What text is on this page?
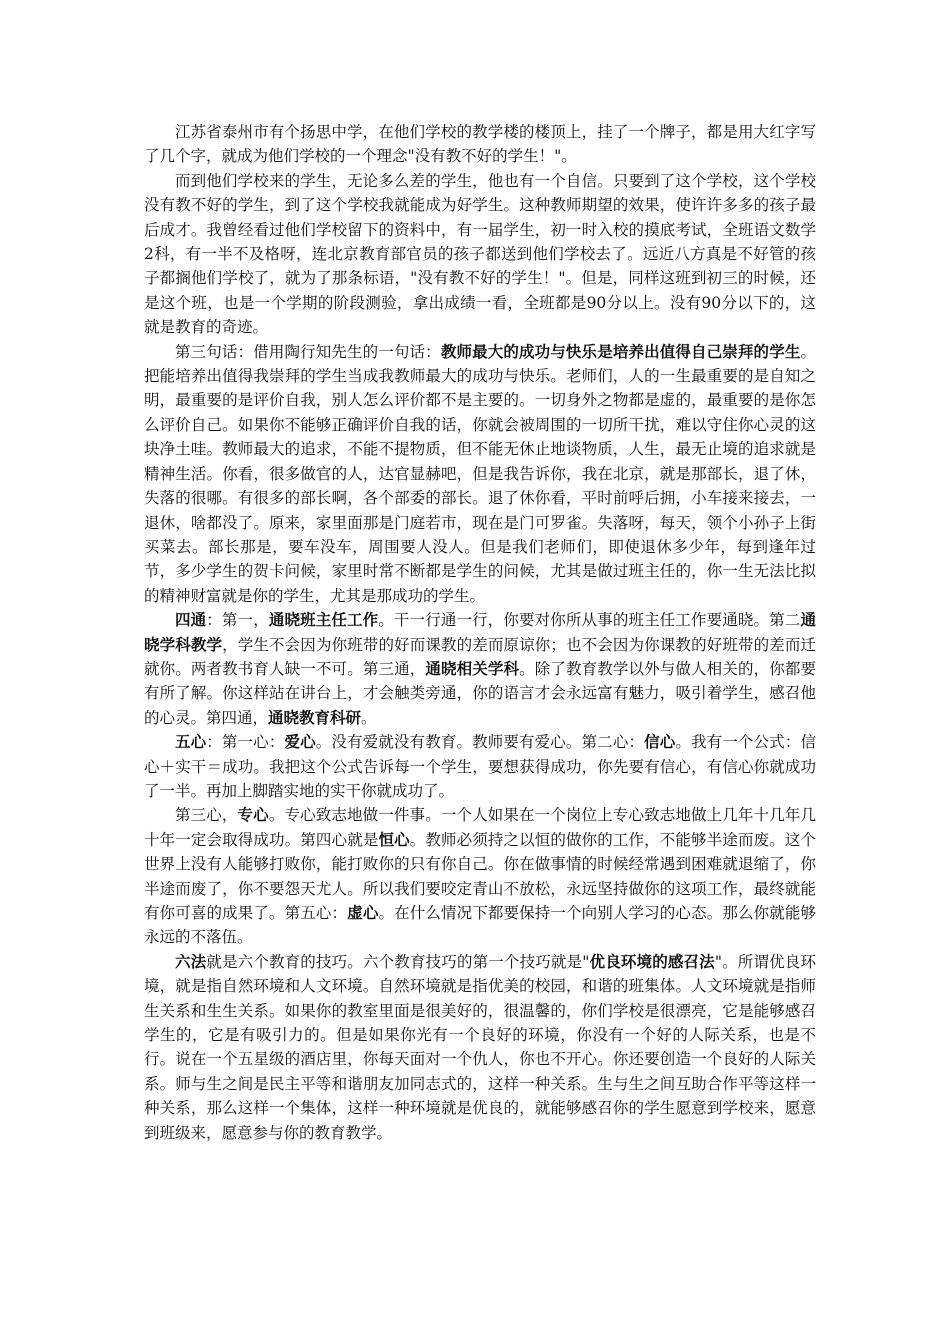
江苏省泰州市有个扬思中学，在他们学校的教学楼的楼顶上，挂了一个牌子，都是用大红字写了几个字，就成为他们学校的一个理念"没有教不好的学生！"。

而到他们学校来的学生，无论多么差的学生，他也有一个自信。只要到了这个学校，这个学校没有教不好的学生，到了这个学校我就能成为好学生。这种教师期望的效果，使许许多多的孩子最后成才。我曾经看过他们学校留下的资料中，有一届学生，初一时入校的摸底考试，全班语文数学2科，有一半不及格呀，连北京教育部官员的孩子都送到他们学校去了。远近八方真是不好管的孩子都搁他们学校了，就为了那条标语，"没有教不好的学生！"。但是，同样这班到初三的时候，还是这个班，也是一个学期的阶段测验，拿出成绩一看，全班都是90分以上。没有90分以下的，这就是教育的奇迹。

第三句话：借用陶行知先生的一句话：教师最大的成功与快乐是培养出值得自己崇拜的学生。把能培养出值得我崇拜的学生当成我教师最大的成功与快乐。老师们，人的一生最重要的是自知之明，最重要的是评价自我，别人怎么评价都不是主要的。一切身外之物都是虚的，最重要的是你怎么评价自己。如果你不能够正确评价自我的话，你就会被周围的一切所干扰，难以守住你心灵的这块净土哇。教师最大的追求，不能不提物质，但不能无休止地谈物质，人生，最无止境的追求就是精神生活。你看，很多做官的人，达官显赫吧，但是我告诉你，我在北京，就是那部长，退了休，失落的很哪。有很多的部长啊，各个部委的部长。退了休你看，平时前呼后拥，小车接来接去，一退休，啥都没了。原来，家里面那是门庭若市，现在是门可罗雀。失落呀，每天，领个小孙子上街买菜去。部长那是，要车没车，周围要人没人。但是我们老师们，即使退休多少年，每到逢年过节，多少学生的贺卡问候，家里时常不断都是学生的问候，尤其是做过班主任的，你一生无法比拟的精神财富就是你的学生，尤其是那成功的学生。

四通：第一，通晓班主任工作。干一行通一行，你要对你所从事的班主任工作要通晓。第二通晓学科教学，学生不会因为你班带的好而课教的差而原谅你；也不会因为你课教的好班带的差而迁就你。两者教书育人缺一不可。第三通，通晓相关学科。除了教育教学以外与做人相关的，你都要有所了解。你这样站在讲台上，才会触类旁通，你的语言才会永远富有魅力，吸引着学生，感召他的心灵。第四通，通晓教育科研。

五心：第一心：爱心。没有爱就没有教育。教师要有爱心。第二心：信心。我有一个公式：信心＋实干＝成功。我把这个公式告诉每一个学生，要想获得成功，你先要有信心，有信心你就成功了一半。再加上脚踏实地的实干你就成功了。

第三心，专心。专心致志地做一件事。一个人如果在一个岗位上专心致志地做上几年十几年几十年一定会取得成功。第四心就是恒心。教师必须持之以恒的做你的工作，不能够半途而废。这个世界上没有人能够打败你，能打败你的只有你自己。你在做事情的时候经常遇到困难就退缩了，你半途而废了，你不要怨天尤人。所以我们要咬定青山不放松，永远坚持做你的这项工作，最终就能有你可喜的成果了。第五心：虚心。在什么情况下都要保持一个向别人学习的心态。那么你就能够永远的不落伍。

六法就是六个教育的技巧。六个教育技巧的第一个技巧就是"优良环境的感召法"。所谓优良环境，就是指自然环境和人文环境。自然环境就是指优美的校园，和谐的班集体。人文环境就是指师生关系和生生关系。如果你的教室里面是很美好的，很温馨的，你们学校是很漂亮，它是能够感召学生的，它是有吸引力的。但是如果你光有一个良好的环境，你没有一个好的人际关系，也是不行。说在一个五星级的酒店里，你每天面对一个仇人，你也不开心。你还要创造一个良好的人际关系。师与生之间是民主平等和谐朋友加同志式的，这样一种关系。生与生之间互助合作平等这样一种关系，那么这样一个集体，这样一种环境就是优良的，就能够感召你的学生愿意到学校来，愿意到班级来，愿意参与你的教育教学。
